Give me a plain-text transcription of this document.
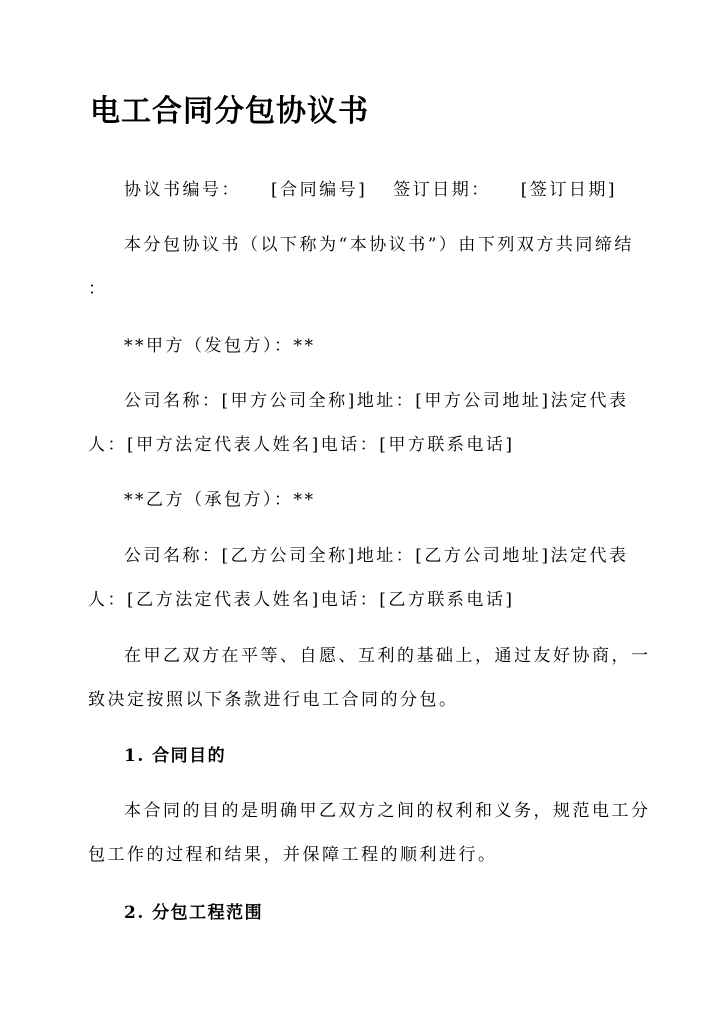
电工合同分包协议书

协议书编号： [合同编号] 签订日期： [签订日期]

本分包协议书（以下称为“本协议书”）由下列双方共同缔结

：

**甲方（发包方）：**

公司名称：[甲方公司全称]地址：[甲方公司地址]法定代表

人：[甲方法定代表人姓名]电话：[甲方联系电话]

**乙方（承包方）：**

公司名称：[乙方公司全称]地址：[乙方公司地址]法定代表

人：[乙方法定代表人姓名]电话：[乙方联系电话]

在甲乙双方在平等、自愿、互利的基础上，通过友好协商，一

致决定按照以下条款进行电工合同的分包。

1. 合同目的

本合同的目的是明确甲乙双方之间的权利和义务，规范电工分

包工作的过程和结果，并保障工程的顺利进行。

2. 分包工程范围
